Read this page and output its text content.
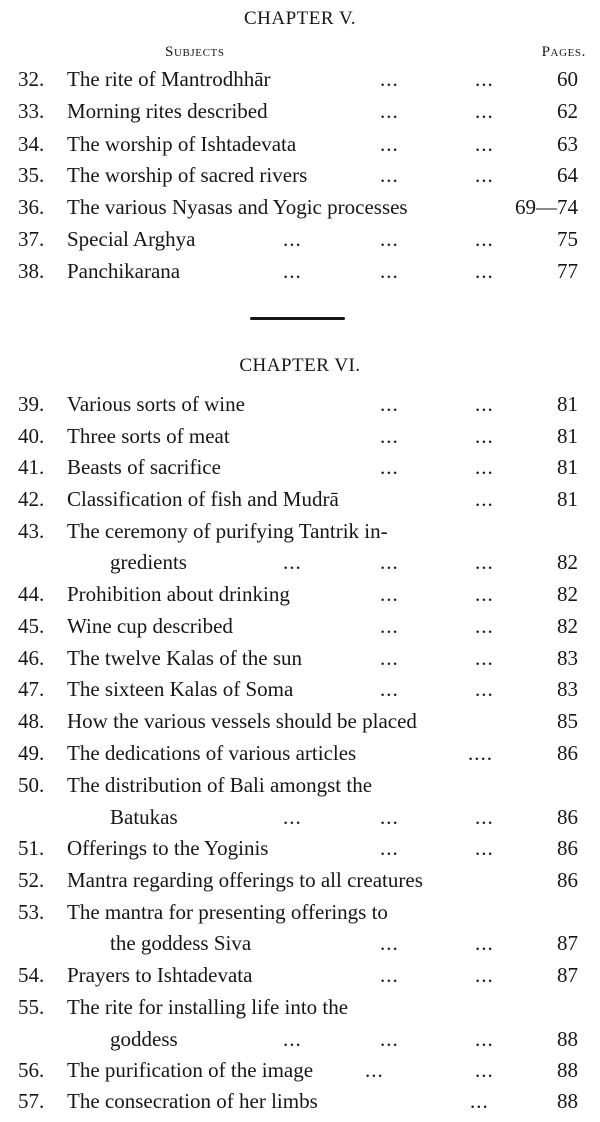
CHAPTER V.
Subjects	Pages.
32. The rite of Mantrodhhār	...	...	60
33. Morning rites described	...	...	62
34. The worship of Ishtadevata	...	...	63
35. The worship of sacred rivers	...	...	64
36. The various Nyasas and Yogic processes	69—74
37. Special Arghya	...	...	...	75
38. Panchikarana	...	...	...	77
CHAPTER VI.
39. Various sorts of wine	...	...	81
40. Three sorts of meat	...	...	81
41. Beasts of sacrifice	...	...	81
42. Classification of fish and Mudrā	...	81
43. The ceremony of purifying Tantrik in-
gredients	...	...	...	82
44. Prohibition about drinking	...	...	82
45. Wine cup described	...	...	82
46. The twelve Kalas of the sun	...	...	83
47. The sixteen Kalas of Soma	...	...	83
48. How the various vessels should be placed	85
49. The dedications of various articles	....	86
50. The distribution of Bali amongst the
Batukas	...	...	...	86
51. Offerings to the Yoginis	...	...	86
52. Mantra regarding offerings to all creatures	86
53. The mantra for presenting offerings to
the goddess Siva	...	...	87
54. Prayers to Ishtadevata	...	...	87
55. The rite for installing life into the
goddess	...	...	...	88
56. The purification of the image ...	...	88
57. The consecration of her limbs	...	88
